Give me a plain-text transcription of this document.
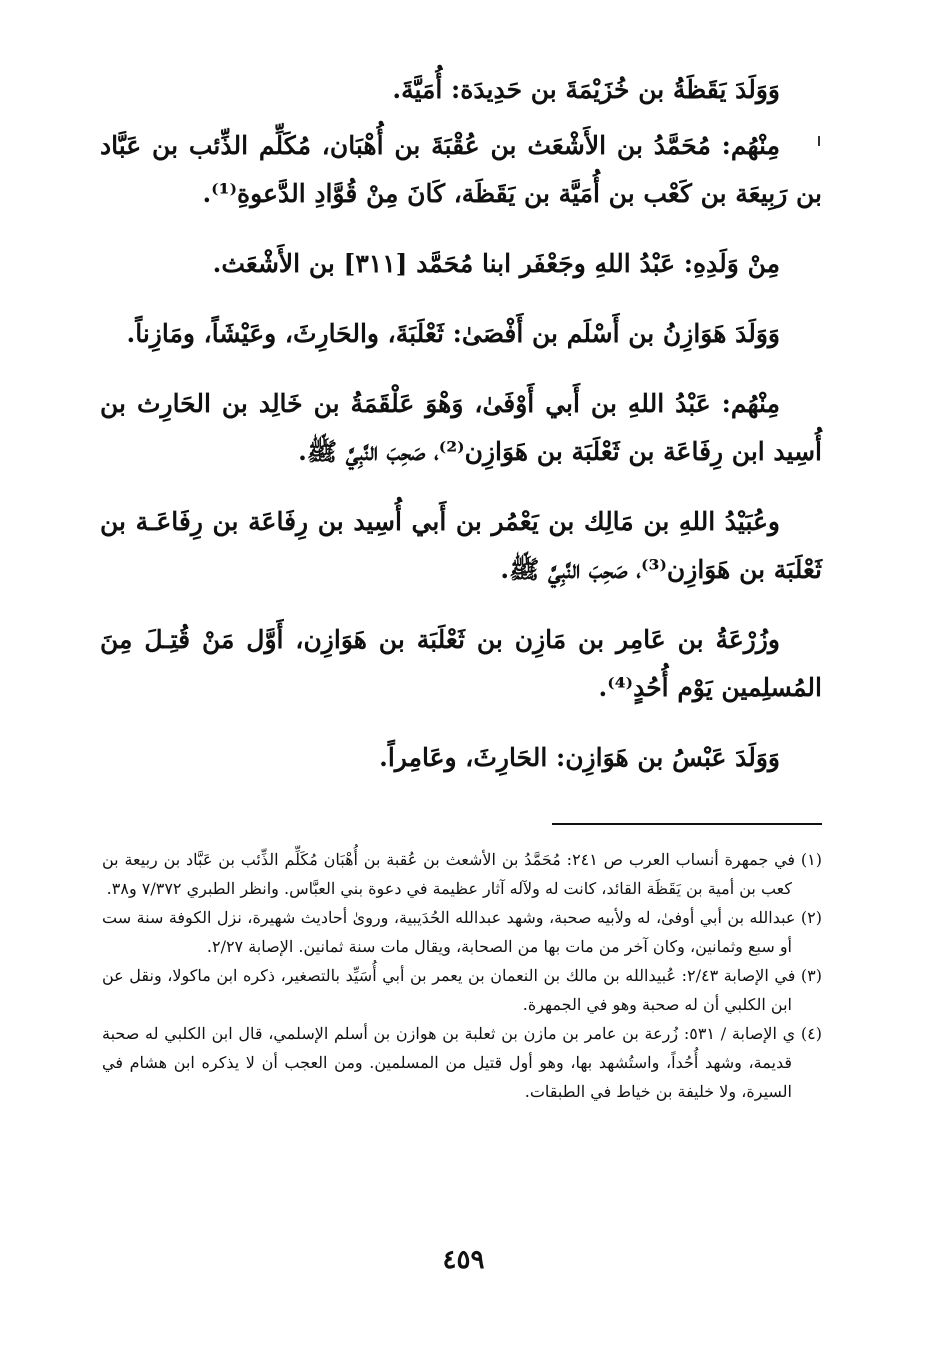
وَوَلَدَ يَقَظَةُ بن خُزَيْمَةَ بن حَدِيدَة: أُمَيَّةَ.

مِنْهُم: مُحَمَّدُ بن الأَشْعَث بن عُقْبَةَ بن أُهْبَان، مُكَلِّم الذِّئب بن عَبَّاد بن رَبِيعَة بن كَعْب بن أُمَيَّة بن يَقَظَة، كَانَ مِنْ قُوَّادِ الدَّعوةِ⁽¹⁾.

مِنْ وَلَدِهِ: عَبْدُ اللهِ وجَعْفَر ابنا مُحَمَّد [٣١١] بن الأَشْعَث.

وَوَلَدَ هَوَازِنُ بن أَسْلَم بن أَفْصَىٰ: ثَعْلَبَةَ، والحَارِثَ، وعَيْشَاً، ومَازِناً.

مِنْهُم: عَبْدُ اللهِ بن أَبي أَوْفَىٰ، وَهْوَ عَلْقَمَةُ بن خَالِد بن الحَارِث بن أُسِيد ابن رِفَاعَة بن ثَعْلَبَة بن هَوَازِن⁽²⁾، صَحِبَ النَّبِيَّ ﷺ.

وعُبَيْدُ اللهِ بن مَالِك بن يَعْمُر بن أَبي أُسِيد بن رِفَاعَة بن رِفَاعَـة بن ثَعْلَبَة بن هَوَازِن⁽³⁾، صَحِبَ النَّبِيَّ ﷺ.

وزُرْعَةُ بن عَامِر بن مَازِن بن ثَعْلَبَة بن هَوَازِن، أَوَّل مَنْ قُتِـلَ مِنَ المُسلِمين يَوْم أُحُدٍ⁽⁴⁾.

وَوَلَدَ عَبْسُ بن هَوَازِن: الحَارِثَ، وعَامِراً.

(١) في جمهرة أنساب العرب ص ٢٤١: مُحَمَّدُ بن الأشعث بن عُقبة بن أُهْبَان مُكَلِّم الذِّئب بن عَبَّاد بن ربيعة بن كعب بن أمية بن يَقَظَة القائد، كانت له ولآله آثار عظيمة في دعوة بني العبَّاس. وانظر الطبري ٧/٣٧٢ و٣٨.

(٢) عبدالله بن أبي أوفىٰ، له ولأبيه صحبة، وشهد عبدالله الحُدَيبية، وروىٰ أحاديث شهيرة، نزل الكوفة سنة ست أو سبع وثمانين، وكان آخر من مات بها من الصحابة، ويقال مات سنة ثمانين. الإصابة ٢/٢٧.

(٣) في الإصابة ٢/٤٣: عُبيدالله بن مالك بن النعمان بن يعمر بن أبي أُسَيِّد بالتصغير، ذكره ابن ماكولا، ونقل عن ابن الكلبي أن له صحبة وهو في الجمهرة.

(٤) ي الإصابة / ٥٣١: زُرعة بن عامر بن مازن بن ثعلبة بن هوازن بن أسلم الإسلمي، قال ابن الكلبي له صحبة قديمة، وشهد أُحُداً، واستُشهد بها، وهو أول قتيل من المسلمين. ومن العجب أن لا يذكره ابن هشام في السيرة، ولا خليفة بن خياط في الطبقات.

٤٥٩
